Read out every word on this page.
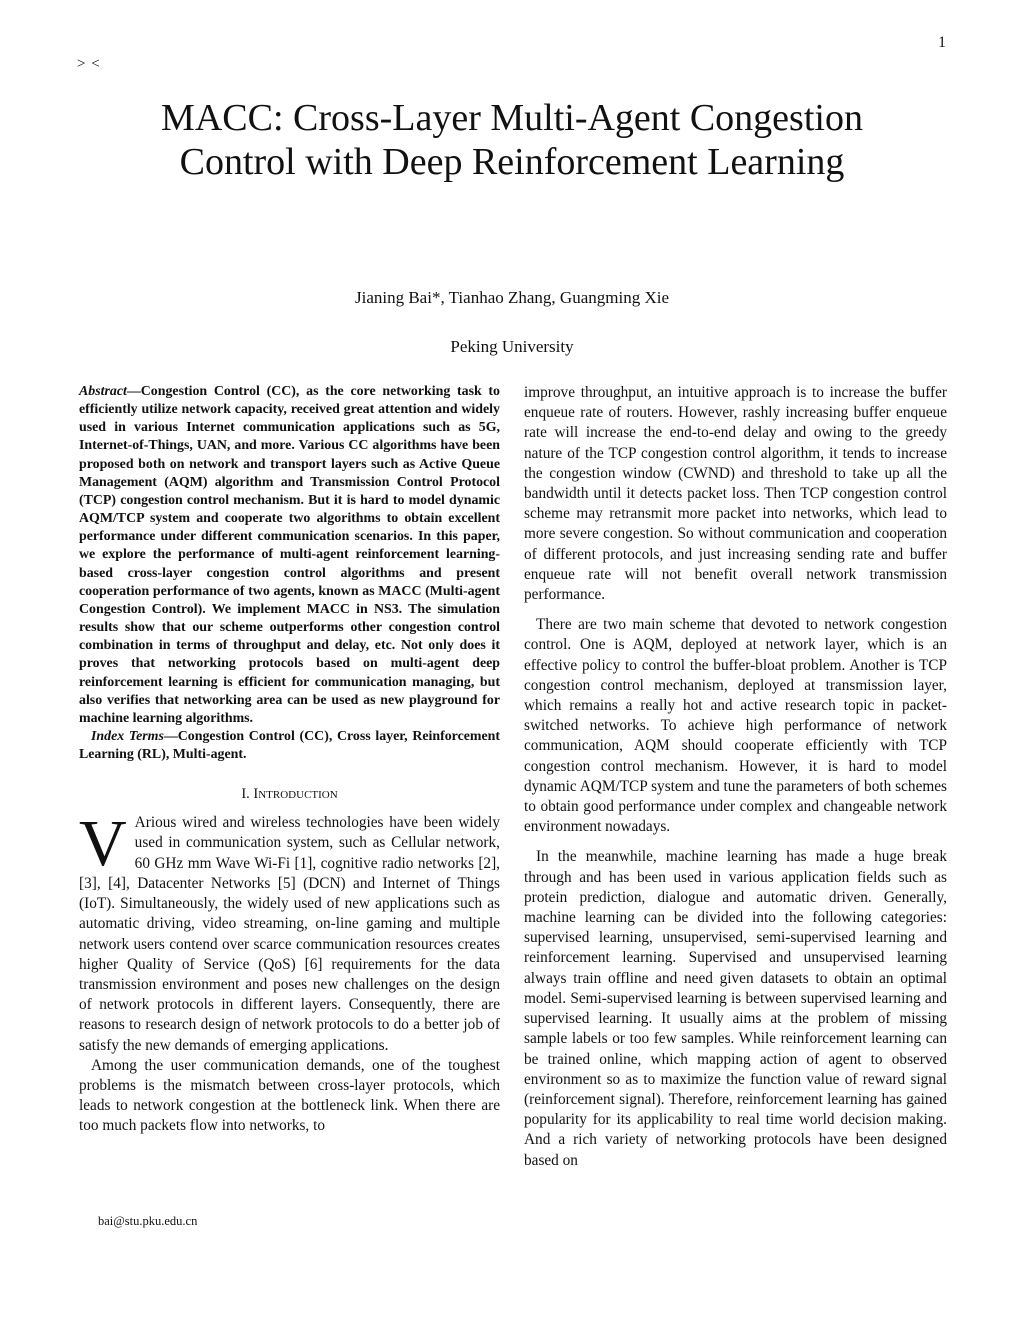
1
> <
MACC: Cross-Layer Multi-Agent Congestion
Control with Deep Reinforcement Learning
Jianing Bai*, Tianhao Zhang, Guangming Xie
Peking University

Abstract—Congestion Control (CC), as the core networking task to efficiently utilize network capacity, received great attention and widely used in various Internet communication applications such as 5G, Internet-of-Things, UAN, and more. Various CC algorithms have been proposed both on network and transport layers such as Active Queue Management (AQM) algorithm and Transmission Control Protocol (TCP) congestion control mechanism. But it is hard to model dynamic AQM/TCP system and cooperate two algorithms to obtain excellent performance under different communication scenarios. In this paper, we explore the performance of multi-agent reinforcement learning-based cross-layer congestion control algorithms and present cooperation performance of two agents, known as MACC (Multi-agent Congestion Control). We implement MACC in NS3. The simulation results show that our scheme outperforms other congestion control combination in terms of throughput and delay, etc. Not only does it proves that networking protocols based on multi-agent deep reinforcement learning is efficient for communication managing, but also verifies that networking area can be used as new playground for machine learning algorithms.

Index Terms—Congestion Control (CC), Cross layer, Reinforcement Learning (RL), Multi-agent.

I. INTRODUCTION

V Arious wired and wireless technologies have been widely used in communication system, such as Cellular network, 60 GHz mm Wave Wi-Fi [1], cognitive radio networks [2], [3], [4], Datacenter Networks [5] (DCN) and Internet of Things (IoT). Simultaneously, the widely used of new applications such as automatic driving, video streaming, on-line gaming and multiple network users contend over scarce communication resources creates higher Quality of Service (QoS) [6] requirements for the data transmission environment and poses new challenges on the design of network protocols in different layers. Consequently, there are reasons to research design of network protocols to do a better job of satisfy the new demands of emerging applications.

Among the user communication demands, one of the toughest problems is the mismatch between cross-layer protocols, which leads to network congestion at the bottleneck link. When there are too much packets flow into networks, to

improve throughput, an intuitive approach is to increase the buffer enqueue rate of routers. However, rashly increasing buffer enqueue rate will increase the end-to-end delay and owing to the greedy nature of the TCP congestion control algorithm, it tends to increase the congestion window (CWND) and threshold to take up all the bandwidth until it detects packet loss. Then TCP congestion control scheme may retransmit more packet into networks, which lead to more severe congestion. So without communication and cooperation of different protocols, and just increasing sending rate and buffer enqueue rate will not benefit overall network transmission performance.

There are two main scheme that devoted to network congestion control. One is AQM, deployed at network layer, which is an effective policy to control the buffer-bloat problem. Another is TCP congestion control mechanism, deployed at transmission layer, which remains a really hot and active research topic in packet-switched networks. To achieve high performance of network communication, AQM should cooperate efficiently with TCP congestion control mechanism. However, it is hard to model dynamic AQM/TCP system and tune the parameters of both schemes to obtain good performance under complex and changeable network environment nowadays.

In the meanwhile, machine learning has made a huge break through and has been used in various application fields such as protein prediction, dialogue and automatic driven. Generally, machine learning can be divided into the following categories: supervised learning, unsupervised, semi-supervised learning and reinforcement learning. Supervised and unsupervised learning always train offline and need given datasets to obtain an optimal model. Semi-supervised learning is between supervised learning and supervised learning. It usually aims at the problem of missing sample labels or too few samples. While reinforcement learning can be trained online, which mapping action of agent to observed environment so as to maximize the function value of reward signal (reinforcement signal). Therefore, reinforcement learning has gained popularity for its applicability to real time world decision making. And a rich variety of networking protocols have been designed based on

bai@stu.pku.edu.cn
